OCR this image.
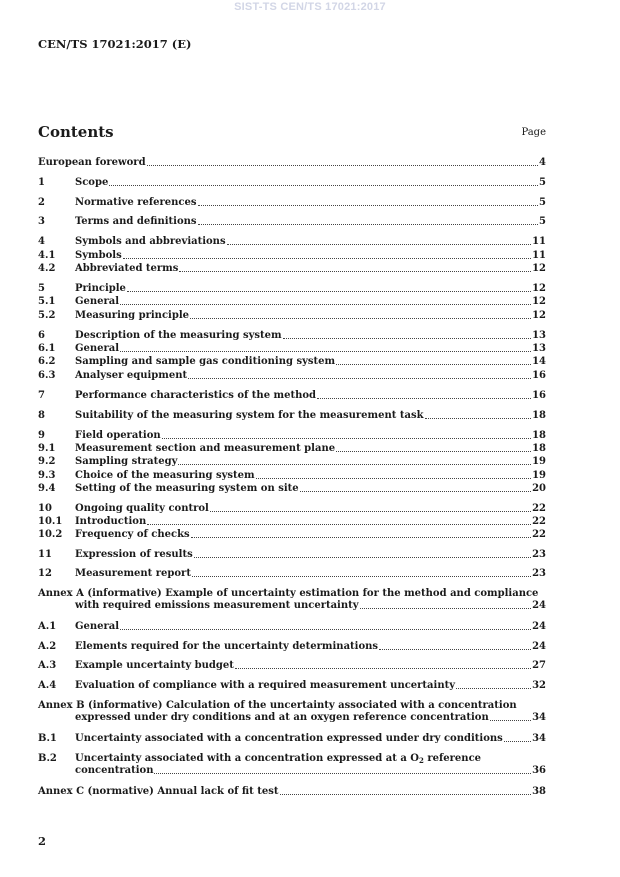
SIST-TS CEN/TS 17021:2017
CEN/TS 17021:2017 (E)
Contents	Page
European foreword	4
1	Scope	5
2	Normative references	5
3	Terms and definitions	5
4	Symbols and abbreviations	11
4.1 Symbols	11
4.2 Abbreviated terms	12
5	Principle	12
5.1 General	12
5.2 Measuring principle	12
6	Description of the measuring system	13
6.1 General	13
6.2 Sampling and sample gas conditioning system	14
6.3 Analyser equipment	16
7	Performance characteristics of the method	16
8	Suitability of the measuring system for the measurement task	18
9	Field operation	18
9.1 Measurement section and measurement plane	18
9.2 Sampling strategy	19
9.3 Choice of the measuring system	19
9.4 Setting of the measuring system on site	20
10 Ongoing quality control	22
10.1 Introduction	22
10.2 Frequency of checks	22
11 Expression of results	23
12 Measurement report	23
Annex A (informative) Example of uncertainty estimation for the method and compliance
with required emissions measurement uncertainty	24
A.1 General	24
A.2 Elements required for the uncertainty determinations	24
A.3 Example uncertainty budget	27
A.4 Evaluation of compliance with a required measurement uncertainty	32
Annex B (informative) Calculation of the uncertainty associated with a concentration
expressed under dry conditions and at an oxygen reference concentration	34
B.1 Uncertainty associated with a concentration expressed under dry conditions	34
B.2 Uncertainty associated with a concentration expressed at a $O_2$ reference
concentration	36
Annex C (normative) Annual lack of fit test	38
2
